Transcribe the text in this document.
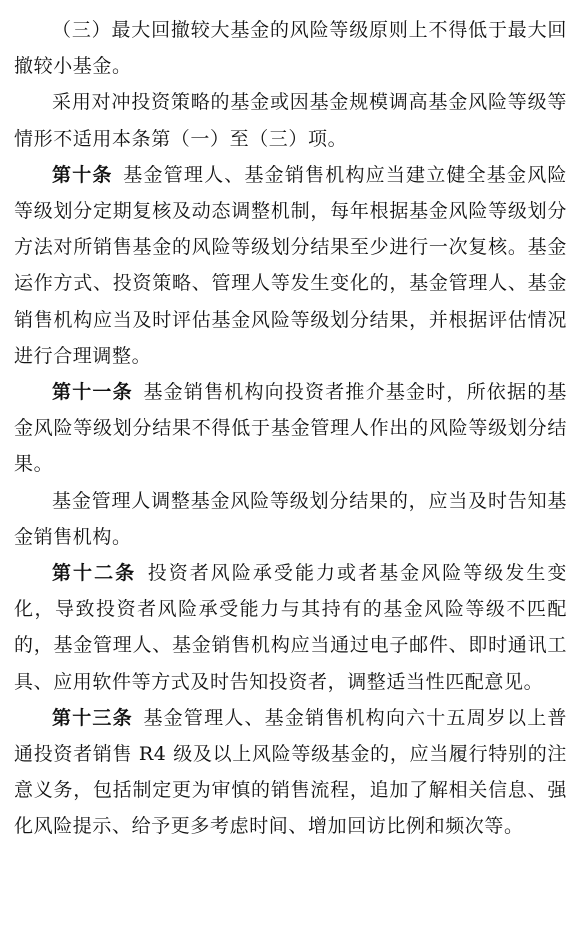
（三）最大回撤较大基金的风险等级原则上不得低于最大回撤较小基金。

采用对冲投资策略的基金或因基金规模调高基金风险等级等情形不适用本条第（一）至（三）项。

第十条  基金管理人、基金销售机构应当建立健全基金风险等级划分定期复核及动态调整机制，每年根据基金风险等级划分方法对所销售基金的风险等级划分结果至少进行一次复核。基金运作方式、投资策略、管理人等发生变化的，基金管理人、基金销售机构应当及时评估基金风险等级划分结果，并根据评估情况进行合理调整。

第十一条  基金销售机构向投资者推介基金时，所依据的基金风险等级划分结果不得低于基金管理人作出的风险等级划分结果。

基金管理人调整基金风险等级划分结果的，应当及时告知基金销售机构。

第十二条  投资者风险承受能力或者基金风险等级发生变化，导致投资者风险承受能力与其持有的基金风险等级不匹配的，基金管理人、基金销售机构应当通过电子邮件、即时通讯工具、应用软件等方式及时告知投资者，调整适当性匹配意见。

第十三条  基金管理人、基金销售机构向六十五周岁以上普通投资者销售 R4 级及以上风险等级基金的，应当履行特别的注意义务，包括制定更为审慎的销售流程，追加了解相关信息、强化风险提示、给予更多考虑时间、增加回访比例和频次等。
